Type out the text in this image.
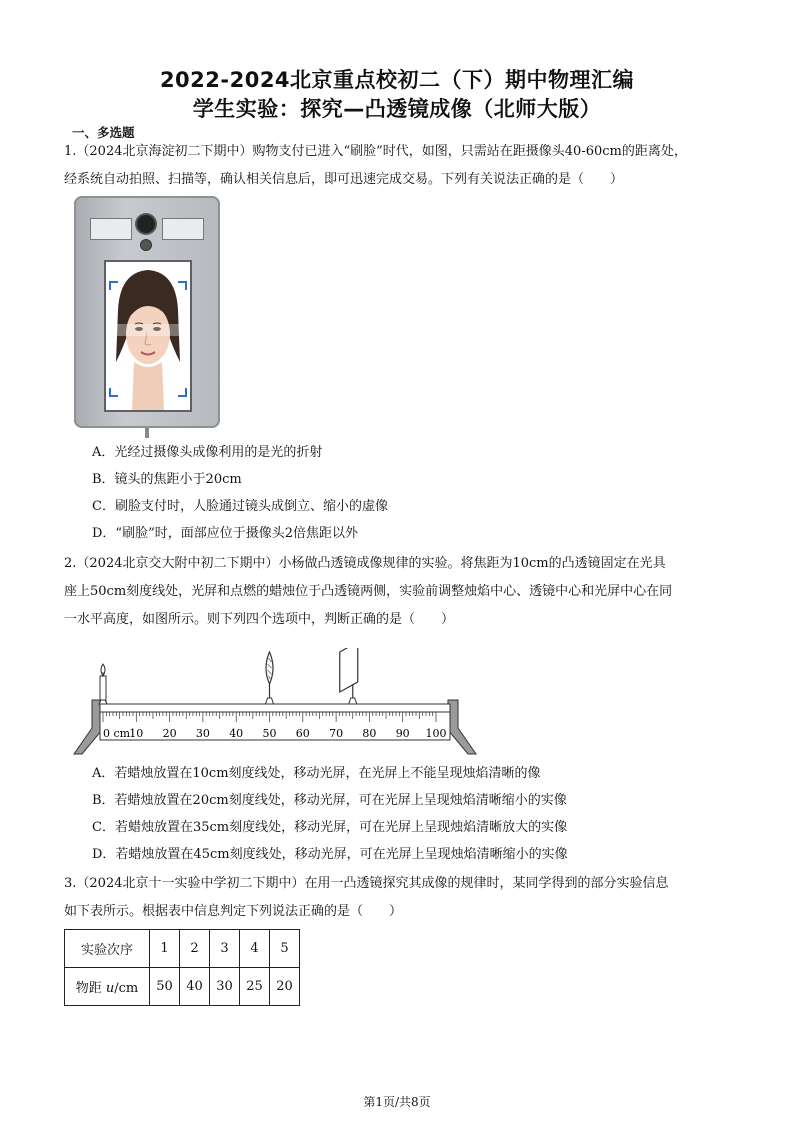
2022-2024北京重点校初二（下）期中物理汇编
学生实验：探究—凸透镜成像（北师大版）
一、多选题
1.（2024北京海淀初二下期中）购物支付已进入“刷脸”时代，如图，只需站在距摄像头40-60cm的距离处，
经系统自动拍照、扫描等，确认相关信息后，即可迅速完成交易。下列有关说法正确的是（　　）
A．光经过摄像头成像利用的是光的折射
B．镜头的焦距小于20cm
C．刷脸支付时，人脸通过镜头成倒立、缩小的虚像
D．“刷脸”时，面部应位于摄像头2倍焦距以外
2.（2024北京交大附中初二下期中）小杨做凸透镜成像规律的实验。将焦距为10cm的凸透镜固定在光具
座上50cm刻度线处，光屏和点燃的蜡烛位于凸透镜两侧，实验前调整烛焰中心、透镜中心和光屏中心在同
一水平高度，如图所示。则下列四个选项中，判断正确的是（　　）
0 cm 10 20 30 40 50 60 70 80 90 100
A．若蜡烛放置在10cm刻度线处，移动光屏，在光屏上不能呈现烛焰清晰的像
B．若蜡烛放置在20cm刻度线处，移动光屏，可在光屏上呈现烛焰清晰缩小的实像
C．若蜡烛放置在35cm刻度线处，移动光屏，可在光屏上呈现烛焰清晰放大的实像
D．若蜡烛放置在45cm刻度线处，移动光屏，可在光屏上呈现烛焰清晰缩小的实像
3.（2024北京十一实验中学初二下期中）在用一凸透镜探究其成像的规律时，某同学得到的部分实验信息
如下表所示。根据表中信息判定下列说法正确的是（　　）
实验次序	1	2	3	4	5
物距 u/cm	50	40	30	25	20
第1页/共8页
